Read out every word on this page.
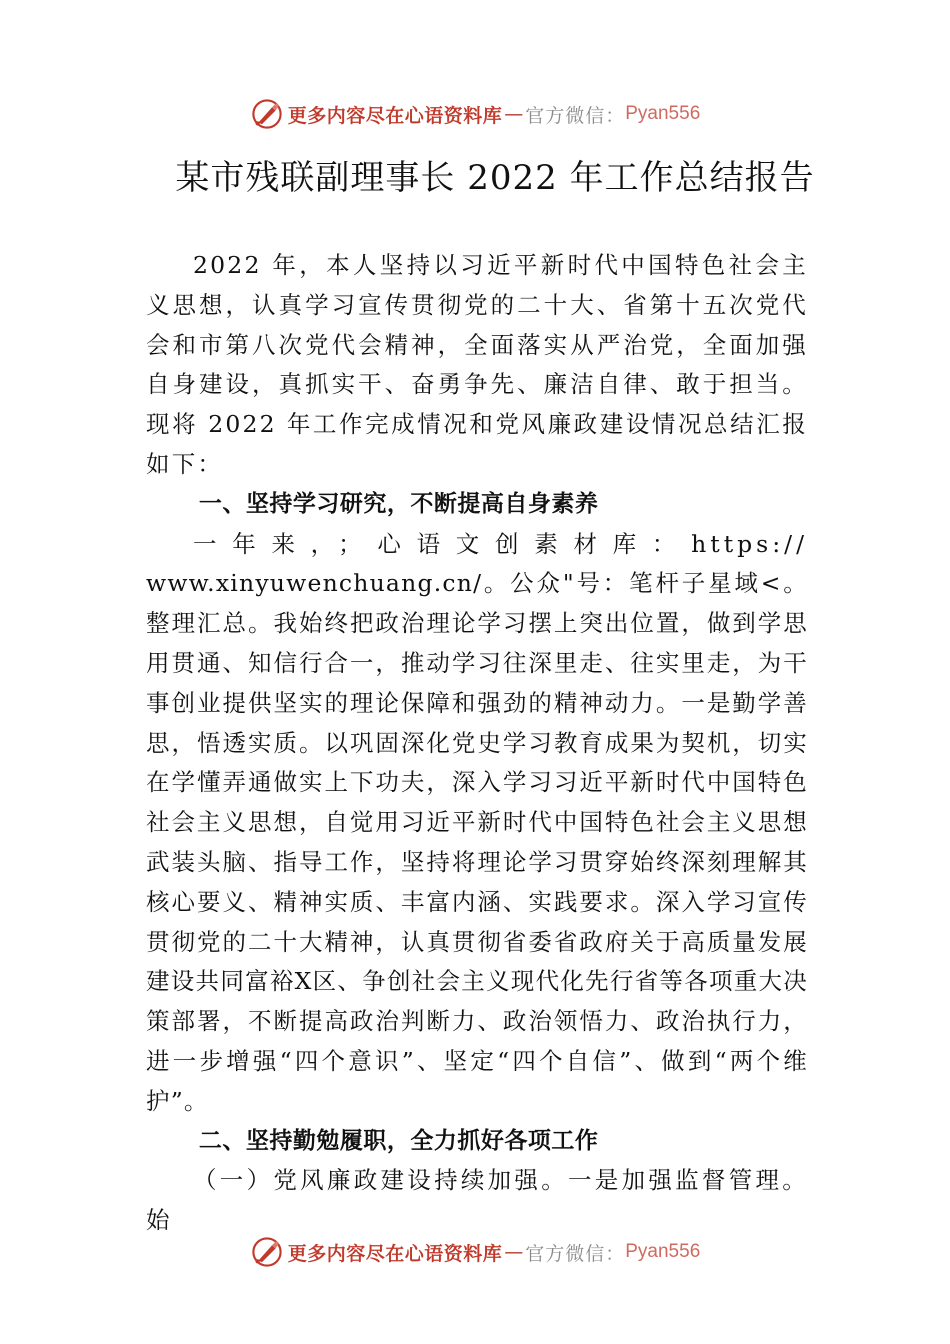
更多内容尽在心语资料库 — 官方微信： Pyan556
某市残联副理事长 2022 年工作总结报告

2022 年，本人坚持以习近平新时代中国特色社会主义思想，认真学习宣传贯彻党的二十大、省第十五次党代会和市第八次党代会精神，全面落实从严治党，全面加强自身建设，真抓实干、奋勇争先、廉洁自律、敢于担当。现将 2022 年工作完成情况和党风廉政建设情况总结汇报如下：

一、坚持学习研究，不断提高自身素养

一年来，；心语文创素材库：https://

www.xinyuwenchuang.cn/。公众"号：笔杆子星域<。整理汇总。我始终把政治理论学习摆上突出位置，做到学思用贯通、知信行合一，推动学习往深里走、往实里走，为干事创业提供坚实的理论保障和强劲的精神动力。一是勤学善思，悟透实质。以巩固深化党史学习教育成果为契机，切实在学懂弄通做实上下功夫，深入学习习近平新时代中国特色社会主义思想，自觉用习近平新时代中国特色社会主义思想武装头脑、指导工作，坚持将理论学习贯穿始终深刻理解其核心要义、精神实质、丰富内涵、实践要求。深入学习宣传贯彻党的二十大精神，认真贯彻省委省政府关于高质量发展建设共同富裕X区、争创社会主义现代化先行省等各项重大决策部署，不断提高政治判断力、政治领悟力、政治执行力，进一步增强“四个意识”、坚定“四个自信”、做到“两个维护”。

二、坚持勤勉履职，全力抓好各项工作

（一）党风廉政建设持续加强。一是加强监督管理。始

更多内容尽在心语资料库 — 官方微信： Pyan556
